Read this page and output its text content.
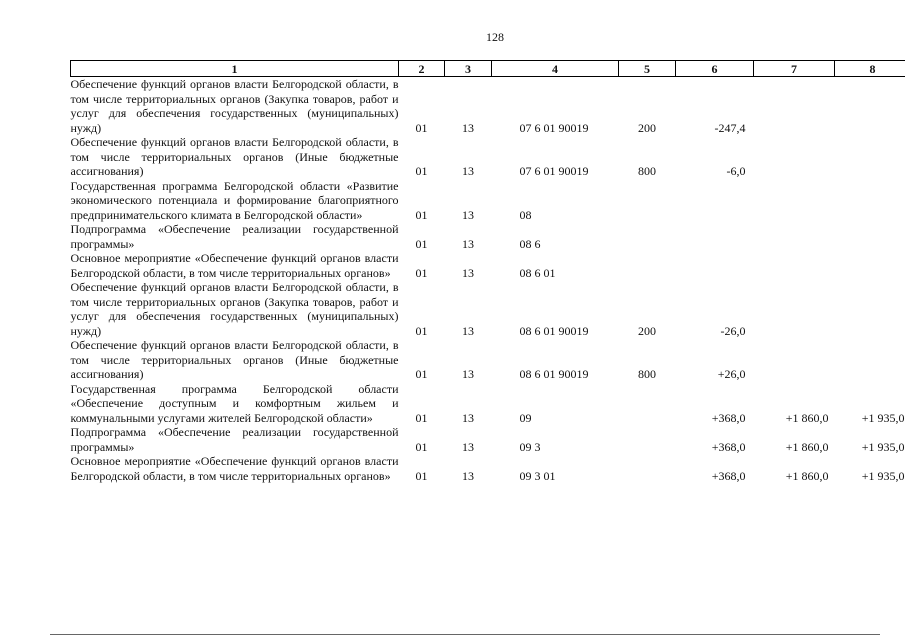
128
1	2	3	4	5	6	7	8
Обеспечение функций органов власти Белгородской области, в том числе территориальных органов (Закупка товаров, работ и услуг для обеспечения государственных (муниципальных) нужд)	01	13	07 6 01 90019	200	-247,4		
Обеспечение функций органов власти Белгородской области, в том числе территориальных органов (Иные бюджетные ассигнования)	01	13	07 6 01 90019	800	-6,0		
Государственная программа Белгородской области «Развитие экономического потенциала и формирование благоприятного предпринимательского климата в Белгородской области»	01	13	08				
Подпрограмма «Обеспечение реализации государственной программы»	01	13	08 6				
Основное мероприятие «Обеспечение функций органов власти Белгородской области, в том числе территориальных органов»	01	13	08 6 01				
Обеспечение функций органов власти Белгородской области, в том числе территориальных органов (Закупка товаров, работ и услуг для обеспечения государственных (муниципальных) нужд)	01	13	08 6 01 90019	200	-26,0		
Обеспечение функций органов власти Белгородской области, в том числе территориальных органов (Иные бюджетные ассигнования)	01	13	08 6 01 90019	800	+26,0		
Государственная программа Белгородской области «Обеспечение доступным и комфортным жильем и коммунальными услугами жителей Белгородской области»	01	13	09		+368,0	+1 860,0	+1 935,0
Подпрограмма «Обеспечение реализации государственной программы»	01	13	09 3		+368,0	+1 860,0	+1 935,0
Основное мероприятие «Обеспечение функций органов власти Белгородской области, в том числе территориальных органов»	01	13	09 3 01		+368,0	+1 860,0	+1 935,0
